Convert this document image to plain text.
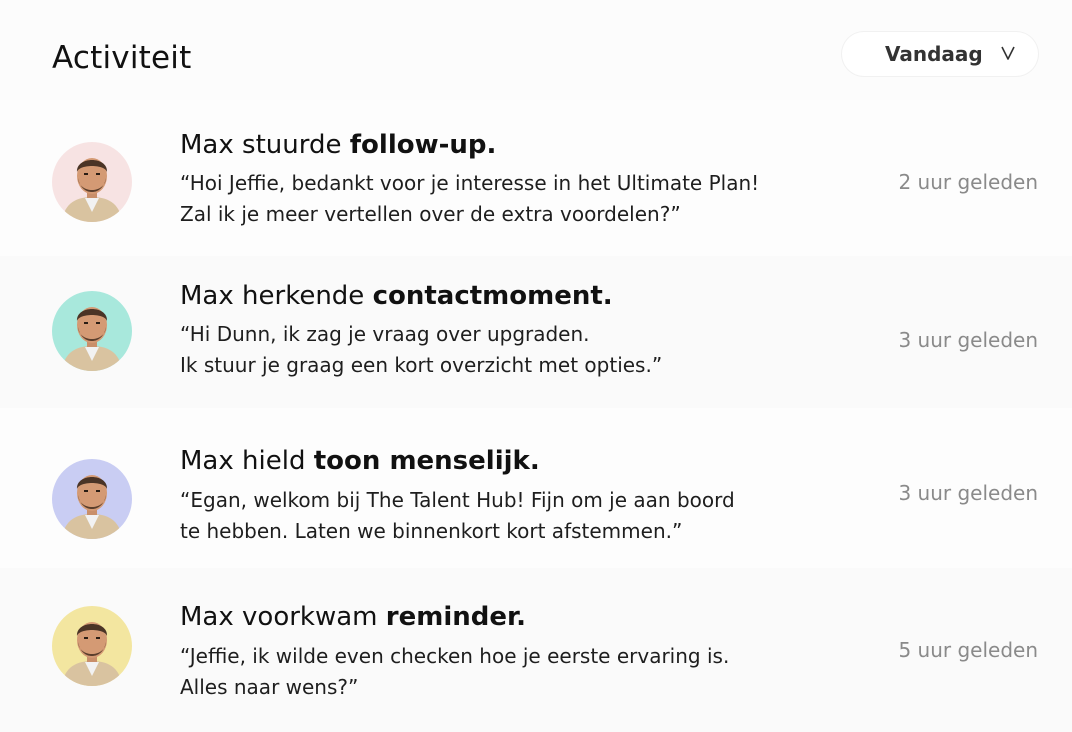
Activiteit	Vandaag
Max stuurde follow-up.
“Hoi Jeffie, bedankt voor je interesse in het Ultimate Plan!
Zal ik je meer vertellen over de extra voordelen?”
2 uur geleden
Max herkende contactmoment.
“Hi Dunn, ik zag je vraag over upgraden.
Ik stuur je graag een kort overzicht met opties.”
3 uur geleden
Max hield toon menselijk.
“Egan, welkom bij The Talent Hub! Fijn om je aan boord
te hebben. Laten we binnenkort kort afstemmen.”
3 uur geleden
Max voorkwam reminder.
“Jeffie, ik wilde even checken hoe je eerste ervaring is.
Alles naar wens?”
5 uur geleden
